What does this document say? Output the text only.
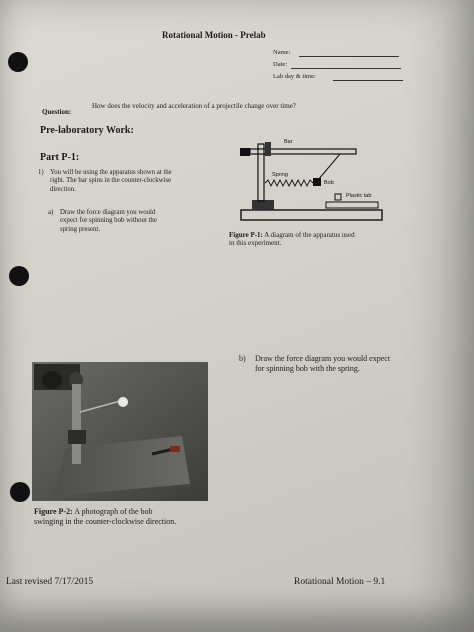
Rotational Motion - Prelab
Name:
Date:
Lab day & time:
Question:
How does the velocity and acceleration of a projectile change over time?
Pre-laboratory Work:
Part P-1:
1) You will be using the apparatus shown at the
right. The bar spins in the counter-clockwise
direction.
a) Draw the force diagram you would
expect for spinning bob without the
spring present.
Bar
Spring
Bob
Plastic tab
Figure P-1: A diagram of the apparatus used
in this experiment.
b) Draw the force diagram you would expect
for spinning bob with the spring.
Figure P-2: A photograph of the bob
swinging in the counter-clockwise direction.
Last revised 7/17/2015	Rotational Motion – 9.1
